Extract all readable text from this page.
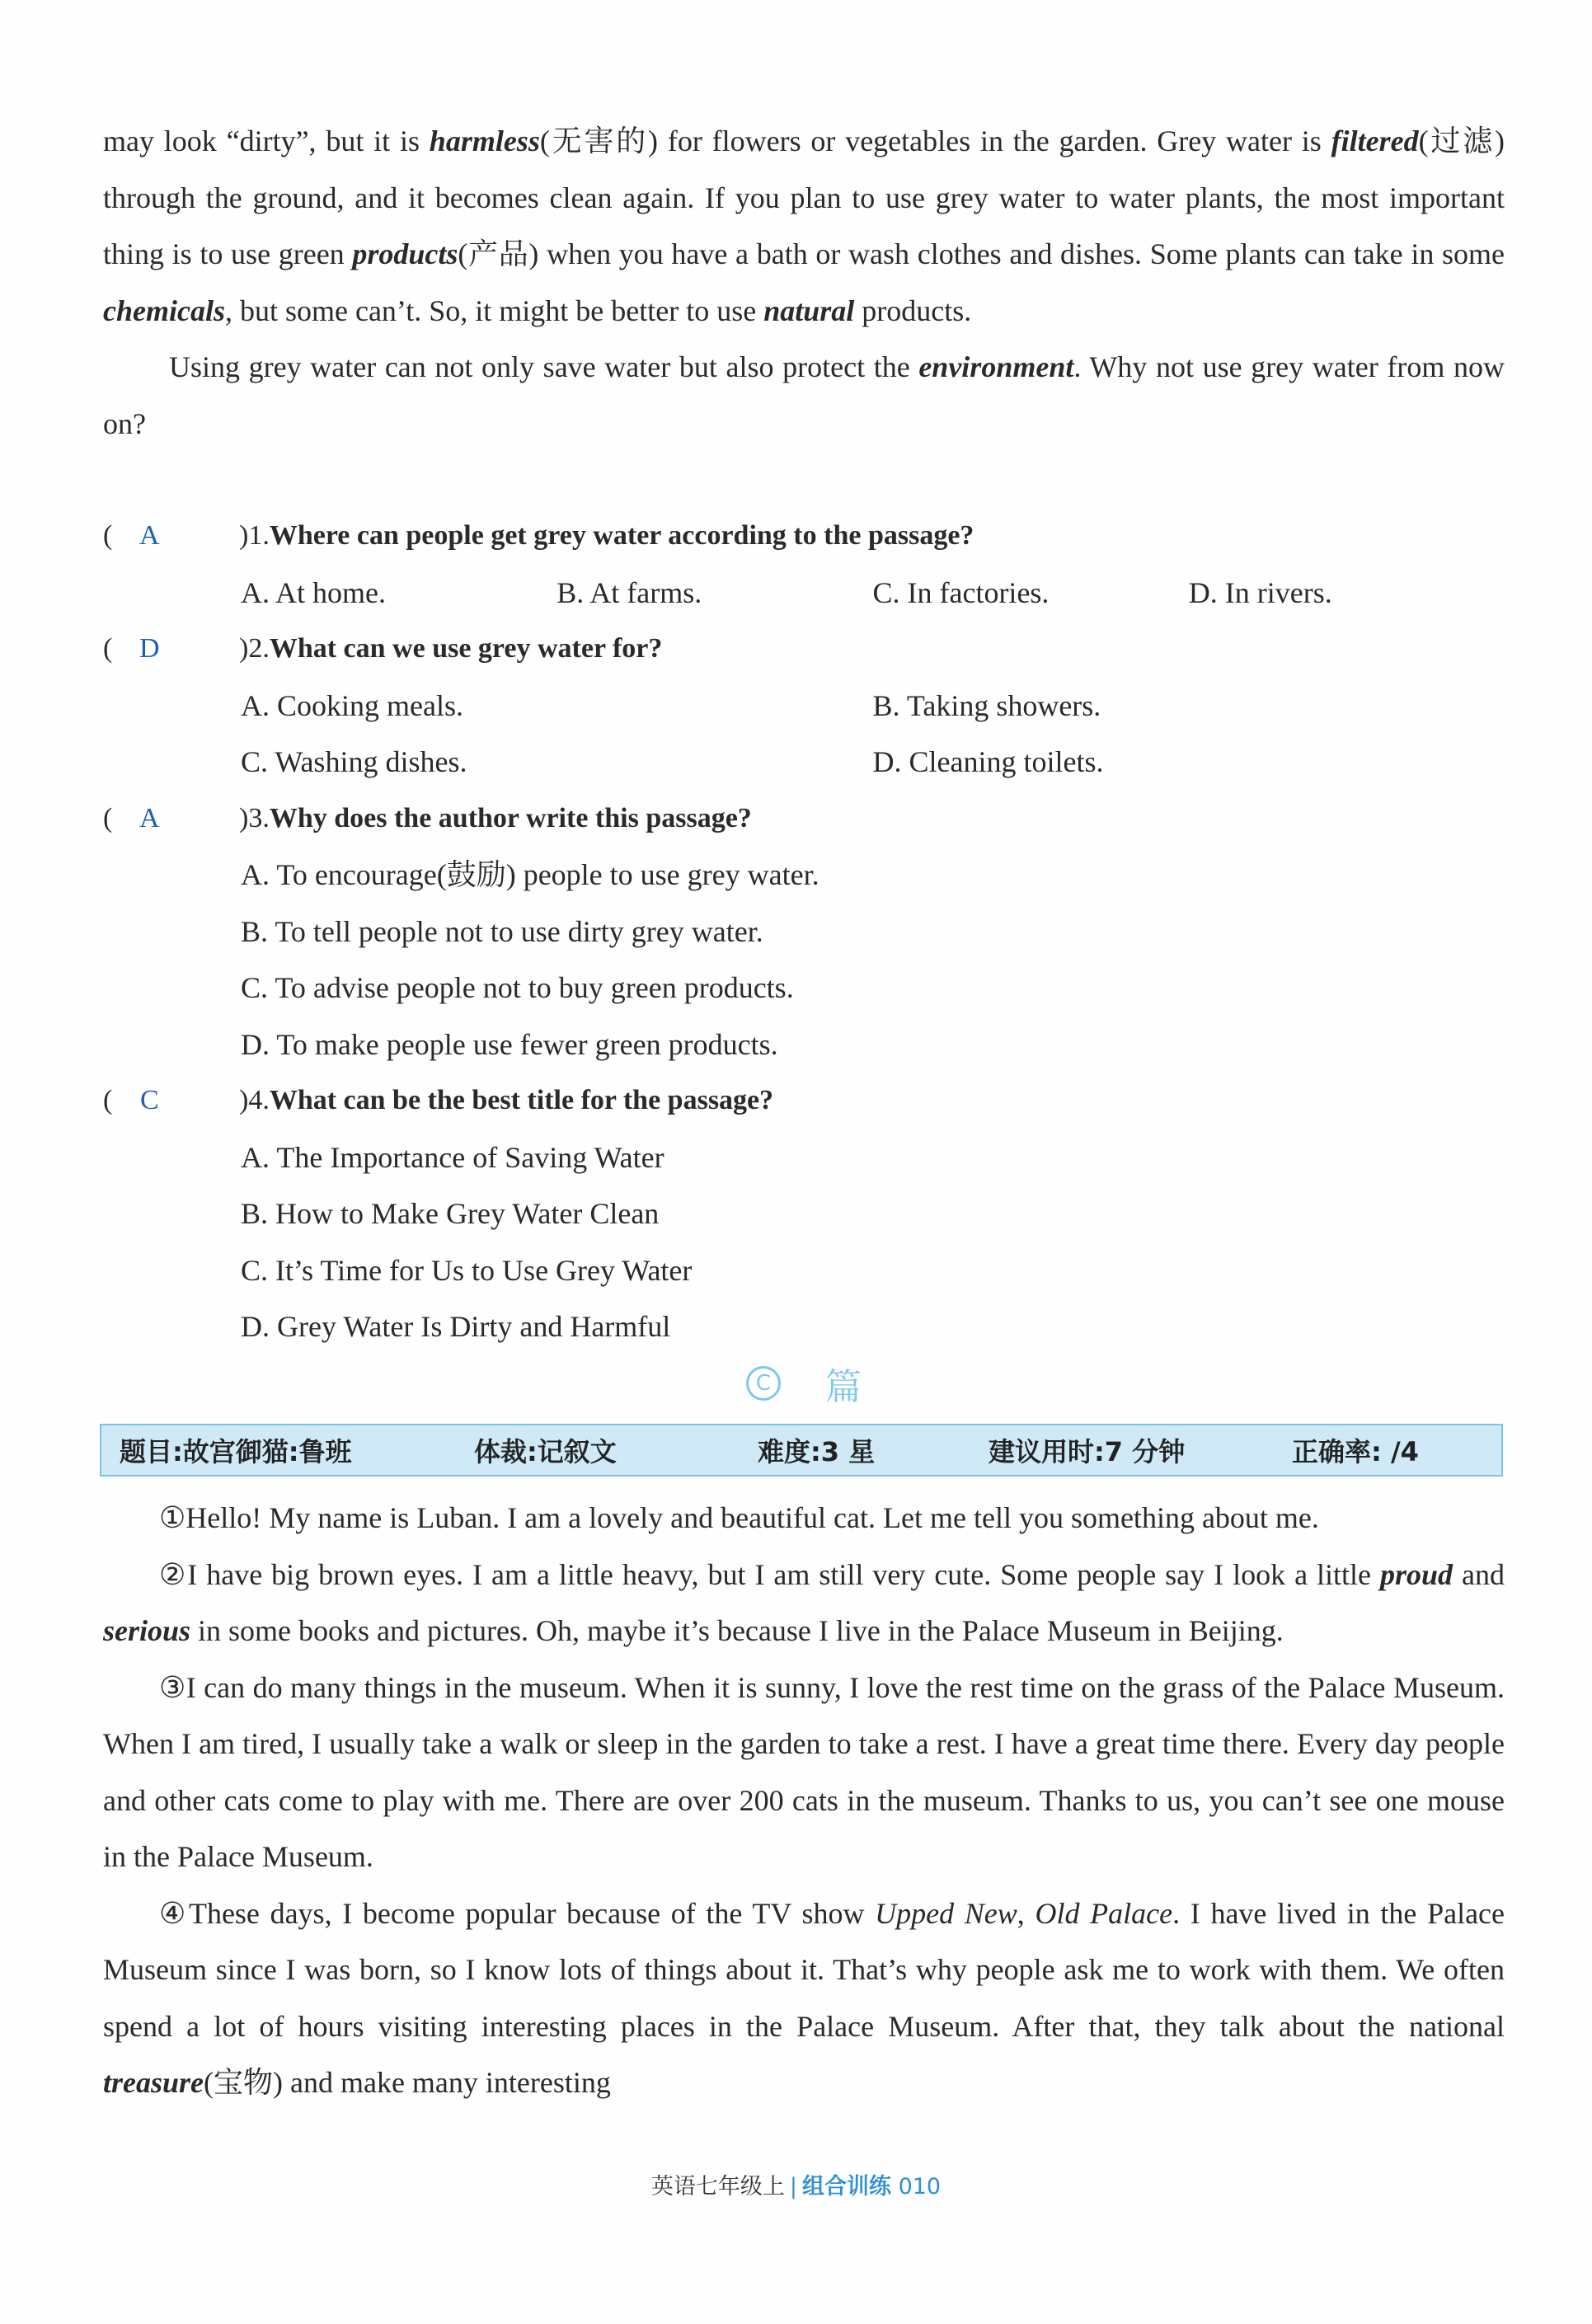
may look “dirty”, but it is harmless(无害的) for flowers or vegetables in the garden. Grey water is filtered(过滤) through the ground, and it becomes clean again. If you plan to use grey water to water plants, the most important thing is to use green products(产品) when you have a bath or wash clothes and dishes. Some plants can take in some chemicals, but some can’t. So, it might be better to use natural products.

Using grey water can not only save water but also protect the environment. Why not use grey water from now on?

( A	)1. Where can people get grey water according to the passage?
A. At home.	B. At farms.	C. In factories.	D. In rivers.
( D	)2. What can we use grey water for?
A. Cooking meals.	B. Taking showers.
C. Washing dishes.	D. Cleaning toilets.
( A	)3. Why does the author write this passage?
A. To encourage(鼓励) people to use grey water.
B. To tell people not to use dirty grey water.
C. To advise people not to buy green products.
D. To make people use fewer green products.
( C	)4. What can be the best title for the passage?
A. The Importance of Saving Water
B. How to Make Grey Water Clean
C. It’s Time for Us to Use Grey Water
D. Grey Water Is Dirty and Harmful
C 篇
题目:故宫御猫:鲁班	体裁:记叙文	难度:3 星	建议用时:7 分钟	正确率: /4

①Hello! My name is Luban. I am a lovely and beautiful cat. Let me tell you something about me.

②I have big brown eyes. I am a little heavy, but I am still very cute. Some people say I look a little proud and serious in some books and pictures. Oh, maybe it’s because I live in the Palace Museum in Beijing.

③I can do many things in the museum. When it is sunny, I love the rest time on the grass of the Palace Museum. When I am tired, I usually take a walk or sleep in the garden to take a rest. I have a great time there. Every day people and other cats come to play with me. There are over 200 cats in the museum. Thanks to us, you can’t see one mouse in the Palace Museum.

④These days, I become popular because of the TV show Upped New, Old Palace. I have lived in the Palace Museum since I was born, so I know lots of things about it. That’s why people ask me to work with them. We often spend a lot of hours visiting interesting places in the Palace Museum. After that, they talk about the national treasure(宝物) and make many interesting

英语七年级上 | 组合训练 010
